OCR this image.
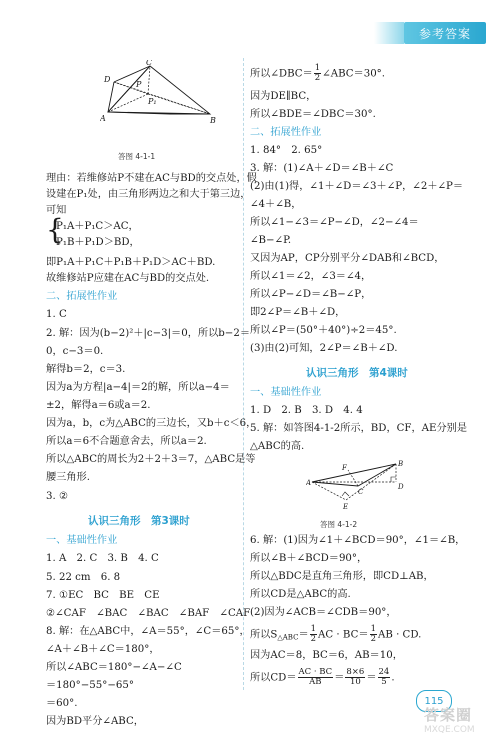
参考答案
C
D
P
P₁
A	B
答图 4-1-1
理由：若维修站P不建在AC与BD的交点处，假
设建在P₁处，由三角形两边之和大于第三边，
可知
{
P₁A＋P₁C＞AC，
P₁B＋P₁D＞BD，
即P₁A＋P₁C＋P₁B＋P₁D＞AC＋BD.
故维修站P应建在AC与BD的交点处.
二、拓展性作业
1. C
2. 解：因为(b−2)²＋|c−3|＝0，所以b−2＝
0，c−3＝0.
解得b＝2，c＝3.
因为a为方程|a−4|＝2的解，所以a−4＝
±2，解得a＝6或a＝2.
因为a，b，c为△ABC的三边长，又b＋c＜6，
所以a＝6不合题意舍去，所以a＝2.
所以△ABC的周长为2＋2＋3＝7，△ABC是等
腰三角形.
3. ②
认识三角形　第3课时
一、基础性作业
1. A　2. C　3. B　4. C
5. 22 cm　6. 8
7. ①EC　BC　BE　CE
②∠CAF　∠BAC　∠BAC　∠BAF　∠CAF
8. 解：在△ABC中，∠A＝55°，∠C＝65°，
∠A＋∠B＋∠C＝180°，
所以∠ABC＝180°−∠A−∠C
＝180°−55°−65°
＝60°.
因为BD平分∠ABC，
所以∠DBC＝ $\frac{1}{2}$ ∠ABC＝30°.
因为DE∥BC，
所以∠BDE＝∠DBC＝30°.
二、拓展性作业
1. 84°　2. 65°
3. 解：(1)∠A＋∠D＝∠B＋∠C
(2)由(1)得，∠1＋∠D＝∠3＋∠P，∠2＋∠P＝
∠4＋∠B，
所以∠1−∠3＝∠P−∠D，∠2−∠4＝
∠B−∠P.
又因为AP，CP分别平分∠DAB和∠BCD，
所以∠1＝∠2，∠3＝∠4，
所以∠P−∠D＝∠B−∠P，
即2∠P＝∠B＋∠D，
所以∠P＝(50°＋40°)÷2＝45°.
(3)由(2)可知，2∠P＝∠B＋∠D.
认识三角形　第4课时
一、基础性作业
1. D　2. B　3. D　4. 4
5. 解：如答图4-1-2所示，BD，CF，AE分别是
△ABC的高.
A
B
C
D
E
F
答图 4-1-2
6. 解：(1)因为∠1＋∠BCD＝90°，∠1＝∠B，
所以∠B＋∠BCD＝90°，
所以△BDC是直角三角形，即CD⊥AB，
所以CD是△ABC的高.
(2)因为∠ACB＝∠CDB＝90°，
所以$S_{\triangle ABC}= \frac{1}{2}$ AC · $BC= \frac{1}{2}$ AB · CD.
因为AC＝8，BC＝6，AB＝10，
所以$CD= \frac{AC \cdot BC}{AB} = \frac{8\times 6}{10} = \frac{24}{5}$ .
115
答案圈
MXQE.COM
